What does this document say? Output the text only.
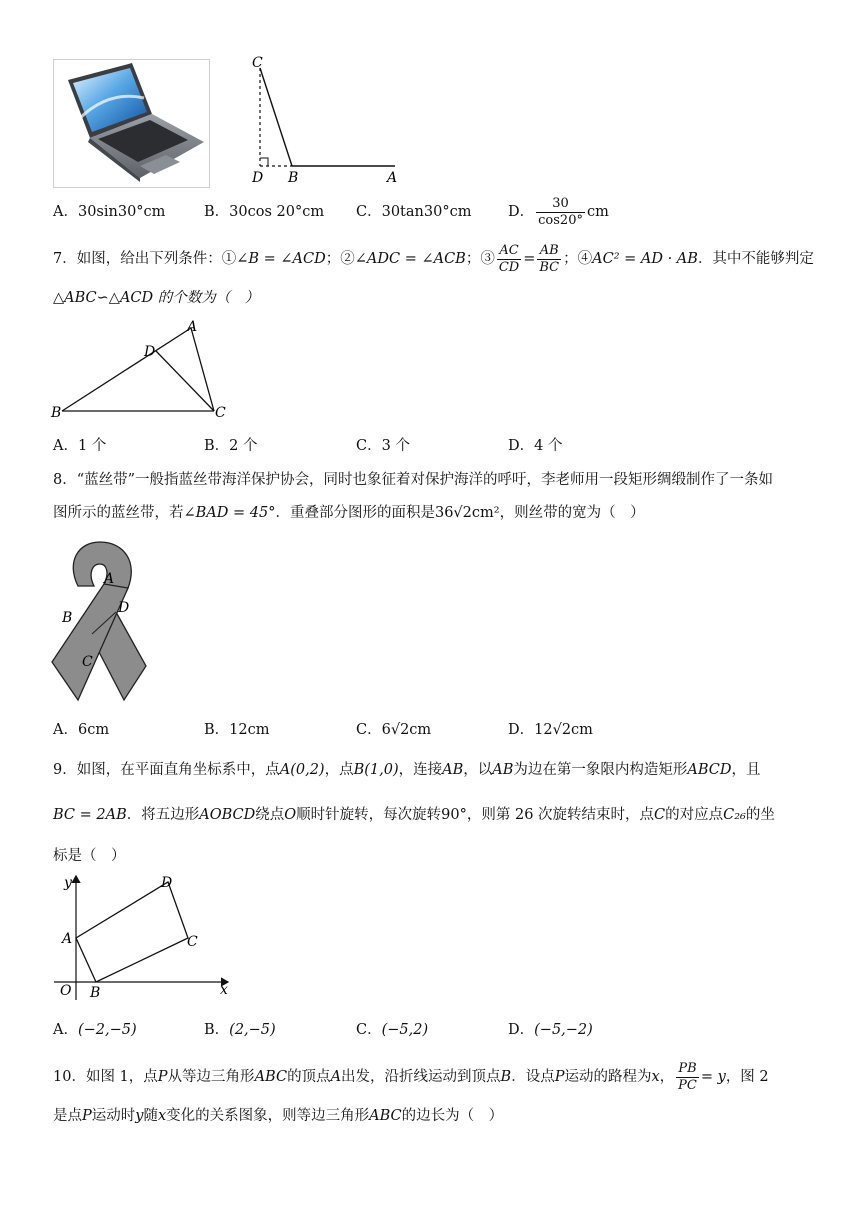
C
D B	A
A．30sin30°cm	B．30cos 20°cm C．30tan30°cm	D． $\frac{30}{\cos 20^\circ}$ cm
7．如图，给出下列条件：①∠B = ∠ACD；②∠ADC = ∠ACB；③ $\frac{AC}{CD} = \frac{AB}{BC}$ ；④AC² = AD · AB．其中不能够判定
△ABC∽△ACD 的个数为（　）
A
D
B	C
A．1 个	B．2 个	C．3 个	D．4 个
8．“蓝丝带”一般指蓝丝带海洋保护协会，同时也象征着对保护海洋的呼吁，李老师用一段矩形绸缎制作了一条如
图所示的蓝丝带，若∠BAD = 45°．重叠部分图形的面积是36√2cm²，则丝带的宽为（　）
A
B
D
C
A．6cm	B．12cm	C．6√2cm	D．12√2cm
9．如图，在平面直角坐标系中，点A(0,2)，点B(1,0)，连接AB，以AB为边在第一象限内构造矩形ABCD，且
BC = 2AB．将五边形AOBCD绕点O顺时针旋转，每次旋转90°，则第 26 次旋转结束时，点C的对应点C₂₆的坐
标是（　）
y
x
O
A
B
C
D
A．(−2,−5)	B．(2,−5)	C．(−5,2)	D．(−5,−2)
10．如图 1，点P从等边三角形ABC的顶点A出发，沿折线运动到顶点B．设点P运动的路程为x， $\frac{PB}{PC} = y$，图 2
是点P运动时y随x变化的关系图象，则等边三角形ABC的边长为（　）
